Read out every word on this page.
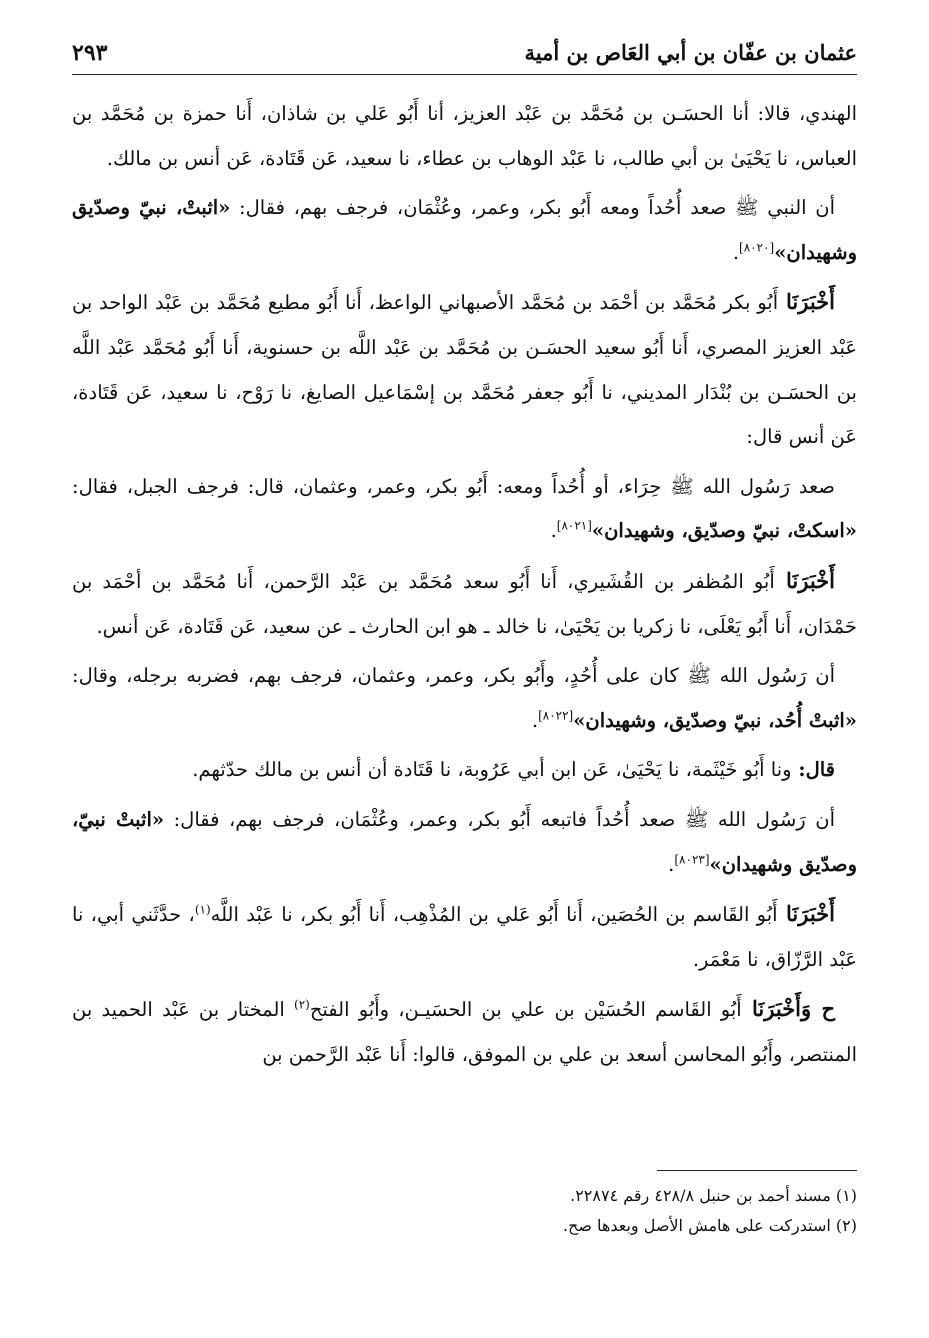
عثمان بن عفّان بن أبي العَاص بن أمية
٢٩٣

الهندي، قالا: أنا الحسَـن بن مُحَمَّد بن عَبْد العزيز، أنا أَبُو عَلي بن شاذان، أَنا حمزة بن مُحَمَّد بن العباس، نا يَحْيَىٰ بن أبي طالب، نا عَبْد الوهاب بن عطاء، نا سعيد، عَن قَتَادة، عَن أنس بن مالك.

أن النبي ﷺ صعد أُحُداً ومعه أَبُو بكر، وعمر، وعُثْمَان، فرجف بهم، فقال: «اثبتْ، نبيّ وصدّيق وشهيدان»[٨٠٢٠].

أَخْبَرَنَا أَبُو بكر مُحَمَّد بن أحْمَد بن مُحَمَّد الأصبهاني الواعظ، أَنا أَبُو مطيع مُحَمَّد بن عَبْد الواحد بن عَبْد العزيز المصري، أَنا أَبُو سعيد الحسَـن بن مُحَمَّد بن عَبْد اللَّه بن حسنوية، أَنا أَبُو مُحَمَّد عَبْد اللَّه بن الحسَـن بن بُنْدَار المديني، نا أَبُو جعفر مُحَمَّد بن إسْمَاعيل الصايغ، نا رَوْح، نا سعيد، عَن قَتَادة، عَن أنس قال:

صعد رَسُول الله ﷺ حِرَاء، أو أُحُداً ومعه: أَبُو بكر، وعمر، وعثمان، قال: فرجف الجبل، فقال: «اسكتْ، نبيّ وصدّيق، وشهيدان»[٨٠٢١].

أَخْبَرَنَا أَبُو المُظفر بن القُشَيري، أَنا أَبُو سعد مُحَمَّد بن عَبْد الرَّحمن، أَنا مُحَمَّد بن أحْمَد بن حَمْدَان، أَنا أَبُو يَعْلَى، نا زكريا بن يَحْيَىٰ، نا خالد ـ هو ابن الحارث ـ عن سعيد، عَن قَتَادة، عَن أنس.

أن رَسُول الله ﷺ كان على أُحُدٍ، وأَبُو بكر، وعمر، وعثمان، فرجف بهم، فضربه برجله، وقال: «اثبتْ أُحُد، نبيّ وصدّيق، وشهيدان»[٨٠٢٢].

قال: ونا أَبُو خَيْثَمة، نا يَحْيَىٰ، عَن ابن أبي عَرُوبة، نا قَتَادة أن أنس بن مالك حدّثهم.

أن رَسُول الله ﷺ صعد أُحُداً فاتبعه أَبُو بكر، وعمر، وعُثْمَان، فرجف بهم، فقال: «اثبتْ نبيّ، وصدّيق وشهيدان»[٨٠٢٣].

أَخْبَرَنَا أَبُو القَاسم بن الحُصَين، أَنا أَبُو عَلي بن المُذْهِب، أَنا أَبُو بكر، نا عَبْد اللَّه$^{(١)}$، حدَّثَني أبي، نا عَبْد الرَّزّاق، نا مَعْمَر.

ح وَأَخْبَرَنَا أَبُو القَاسم الحُسَيْن بن علي بن الحسَيـن، وأَبُو الفتح$^{(٢)}$ المختار بن عَبْد الحميد بن المنتصر، وأَبُو المحاسن أسعد بن علي بن الموفق، قالوا: أَنا عَبْد الرَّحمن بن

(١) مسند أحمد بن حنبل ٤٢٨/٨ رقم ٢٢٨٧٤.

(٢) استدركت على هامش الأصل وبعدها صح.
